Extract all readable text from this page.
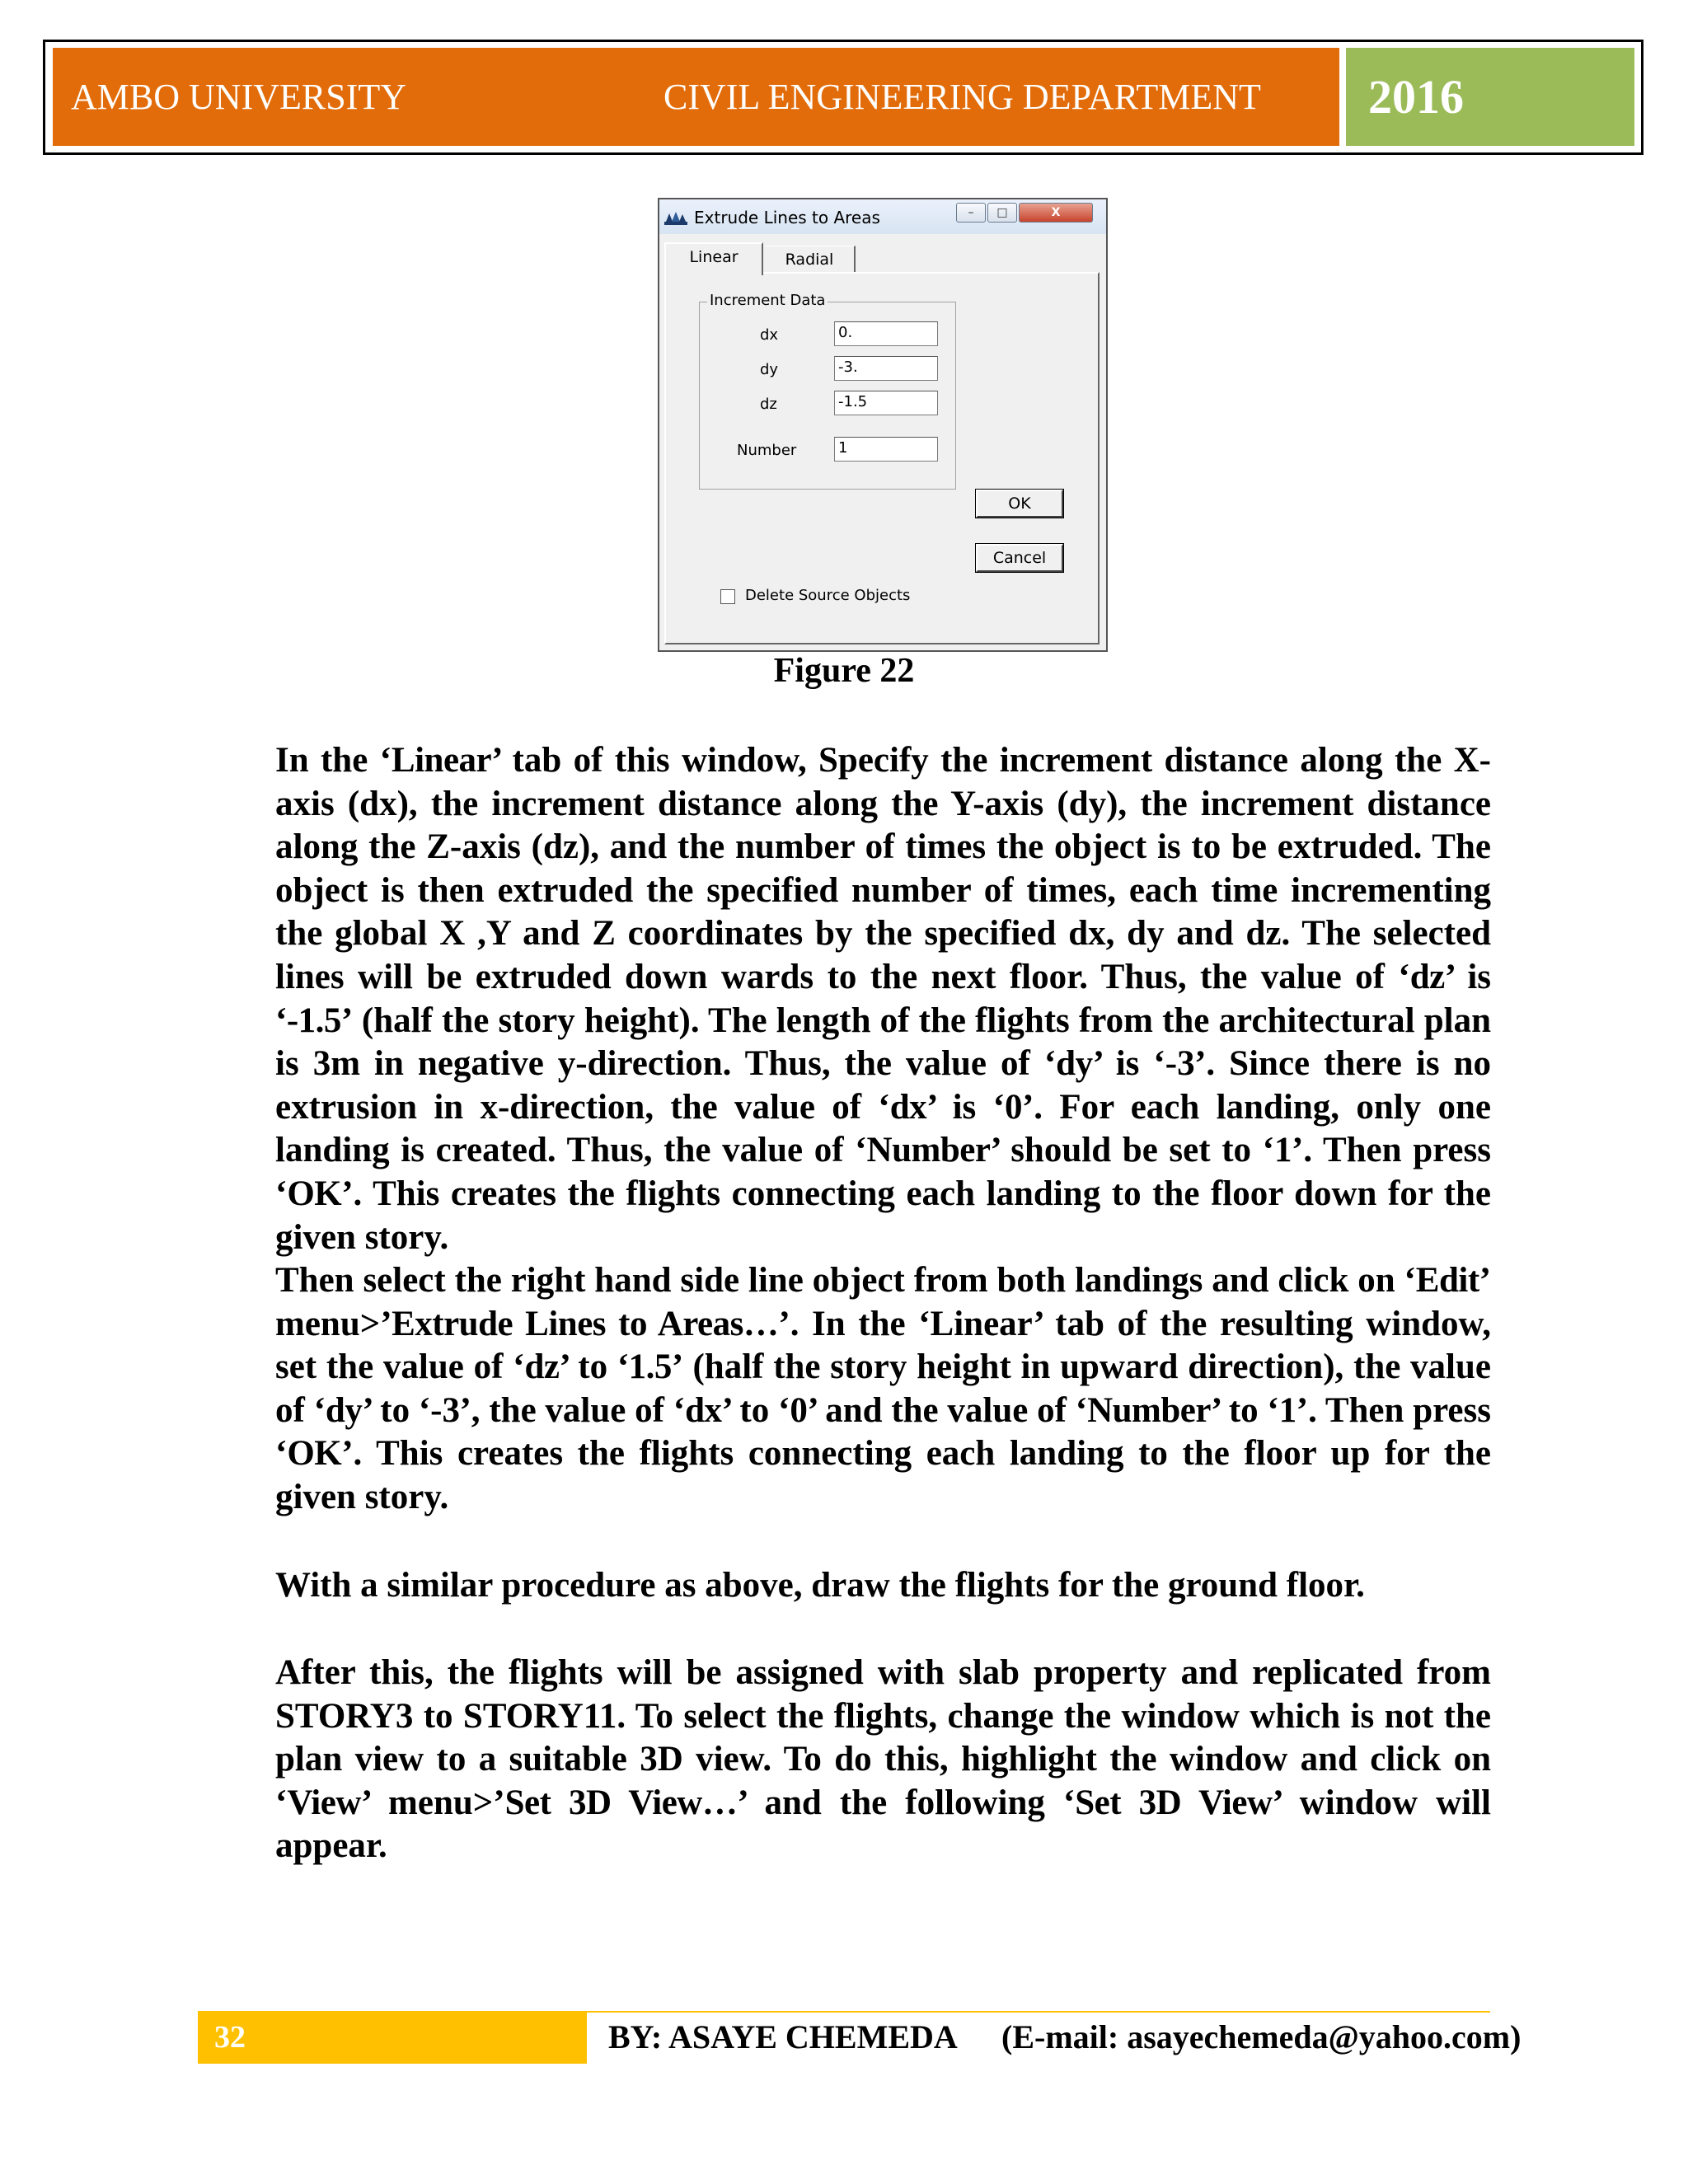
AMBO UNIVERSITY	CIVIL ENGINEERING DEPARTMENT 2016
Extrude Lines to Areas	–	□	X
Linear	Radial
Increment Data
dx	0.
dy	-3.
dz	-1.5
Number	1
OK
Cancel
Delete Source Objects
Figure 22
In the ‘Linear’ tab of this window, Specify the increment distance along the X-axis (dx), the increment distance along the Y-axis (dy), the increment distance along the Z-axis (dz), and the number of times the object is to be extruded. The object is then extruded the specified number of times, each time incrementing the global X ,Y and Z coordinates by the specified dx, dy and dz. The selected lines will be extruded down wards to the next floor. Thus, the value of ‘dz’ is ‘-1.5’ (half the story height). The length of the flights from the architectural plan is 3m in negative y-direction. Thus, the value of ‘dy’ is ‘-3’. Since there is no extrusion in x-direction, the value of ‘dx’ is ‘0’. For each landing, only one landing is created. Thus, the value of ‘Number’ should be set to ‘1’. Then press ‘OK’. This creates the flights connecting each landing to the floor down for the given story.
Then select the right hand side line object from both landings and click on ‘Edit’ menu>’Extrude Lines to Areas…’. In the ‘Linear’ tab of the resulting window, set the value of ‘dz’ to ‘1.5’ (half the story height in upward direction), the value of ‘dy’ to ‘-3’, the value of ‘dx’ to ‘0’ and the value of ‘Number’ to ‘1’. Then press ‘OK’. This creates the flights connecting each landing to the floor up for the given story.
With a similar procedure as above, draw the flights for the ground floor.
After this, the flights will be assigned with slab property and replicated from STORY3 to STORY11. To select the flights, change the window which is not the plan view to a suitable 3D view. To do this, highlight the window and click on ‘View’ menu>’Set 3D View…’ and the following ‘Set 3D View’ window will appear.
32	BY: ASAYE CHEMEDA (E-mail: asayechemeda@yahoo.com)
